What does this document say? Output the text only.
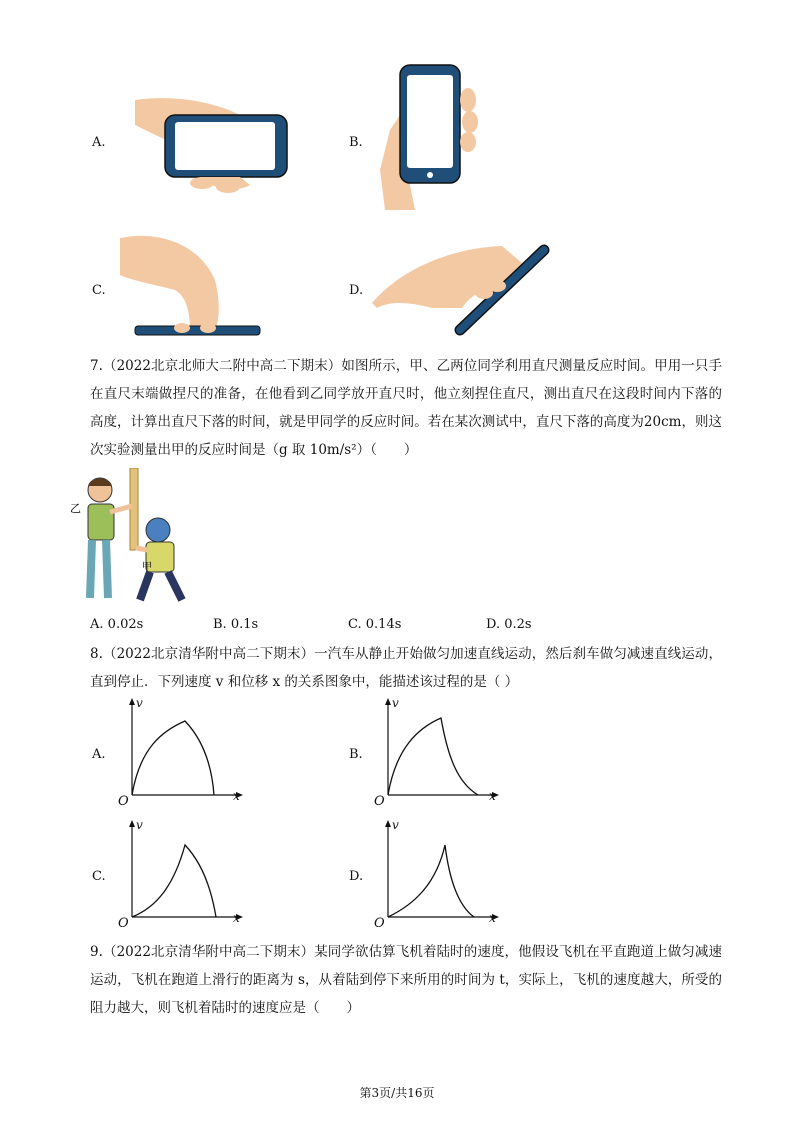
A.	B.
C.	D.

7.（2022北京北师大二附中高二下期末）如图所示，甲、乙两位同学利用直尺测量反应时间。甲用一只手在直尺末端做捏尺的准备，在他看到乙同学放开直尺时，他立刻捏住直尺，测出直尺在这段时间内下落的高度，计算出直尺下落的时间，就是甲同学的反应时间。若在某次测试中，直尺下落的高度为20cm，则这次实验测量出甲的反应时间是（g 取 10m/s²）（　　）

乙
甲
A. 0.02s	B. 0.1s	C. 0.14s	D. 0.2s

8.（2022北京清华附中高二下期末）一汽车从静止开始做匀加速直线运动，然后刹车做匀减速直线运动，直到停止．下列速度 v 和位移 x 的关系图象中，能描述该过程的是（ ）

A.
v
x
O
B.
v
x
O
C.
v
x
O
D.
v
x
O

9.（2022北京清华附中高二下期末）某同学欲估算飞机着陆时的速度，他假设飞机在平直跑道上做匀减速运动，飞机在跑道上滑行的距离为 s，从着陆到停下来所用的时间为 t，实际上，飞机的速度越大，所受的阻力越大，则飞机着陆时的速度应是（　　）

第3页/共16页
